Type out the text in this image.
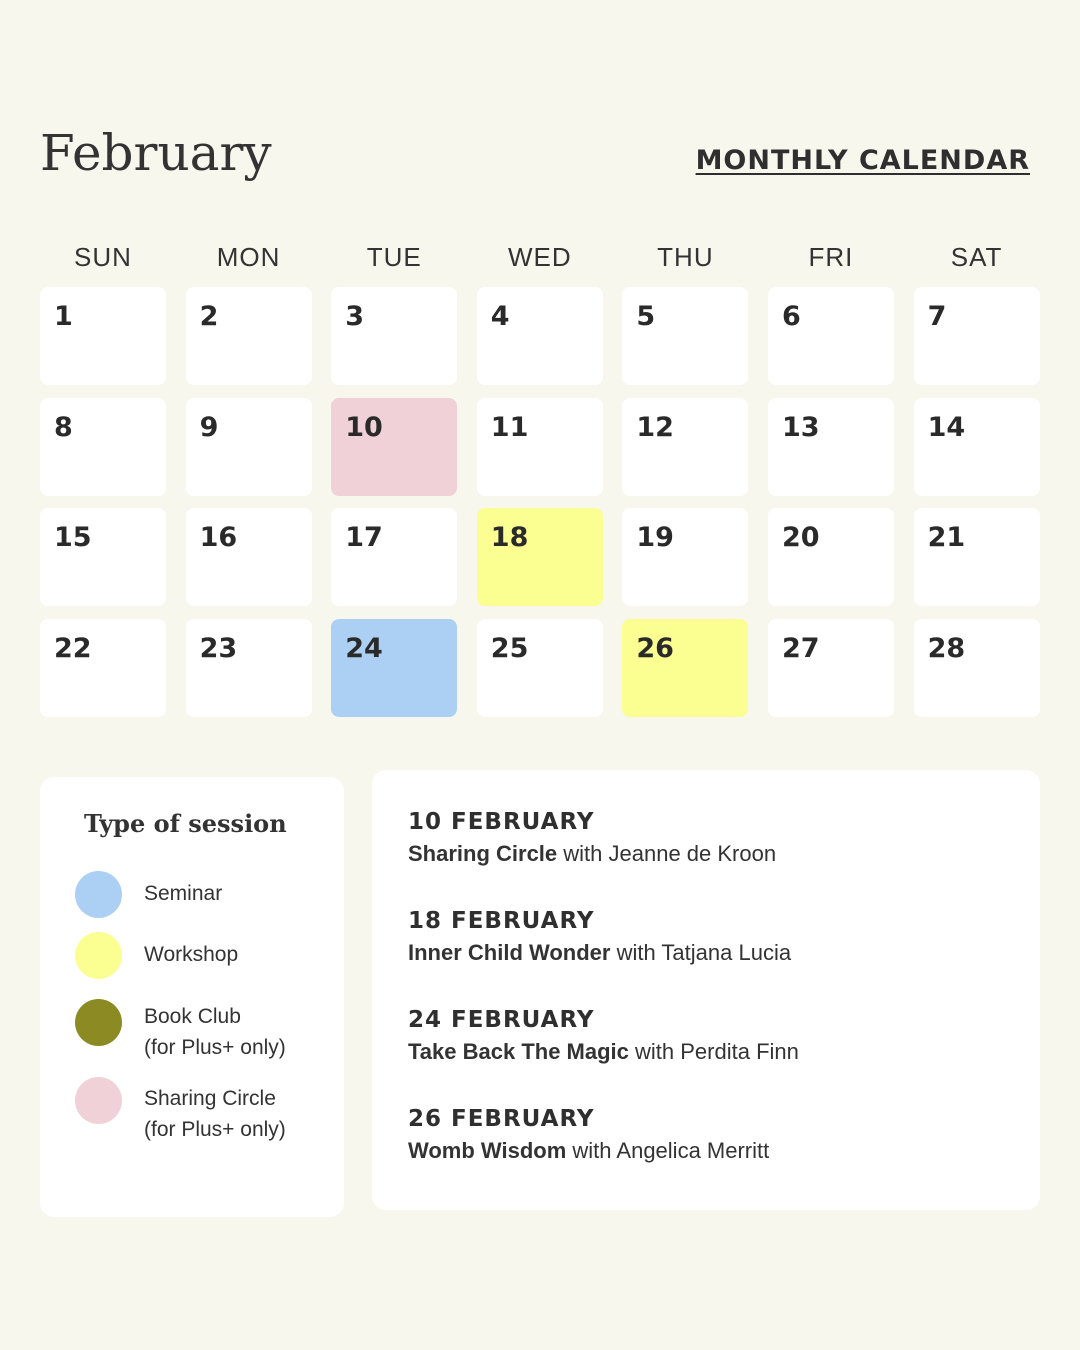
February	MONTHLY CALENDAR
SUN	MON	TUE	WED	THU	FRI	SAT
1	2	3	4	5	6	7
8	9	10	11	12	13	14
15	16	17	18	19	20	21
22	23	24	25	26	27	28
Type of session
Seminar
Workshop
Book Club
(for Plus+ only)
Sharing Circle
(for Plus+ only)
10 FEBRUARY
Sharing Circle with Jeanne de Kroon
18 FEBRUARY
Inner Child Wonder with Tatjana Lucia
24 FEBRUARY
Take Back The Magic with Perdita Finn
26 FEBRUARY
Womb Wisdom with Angelica Merritt
